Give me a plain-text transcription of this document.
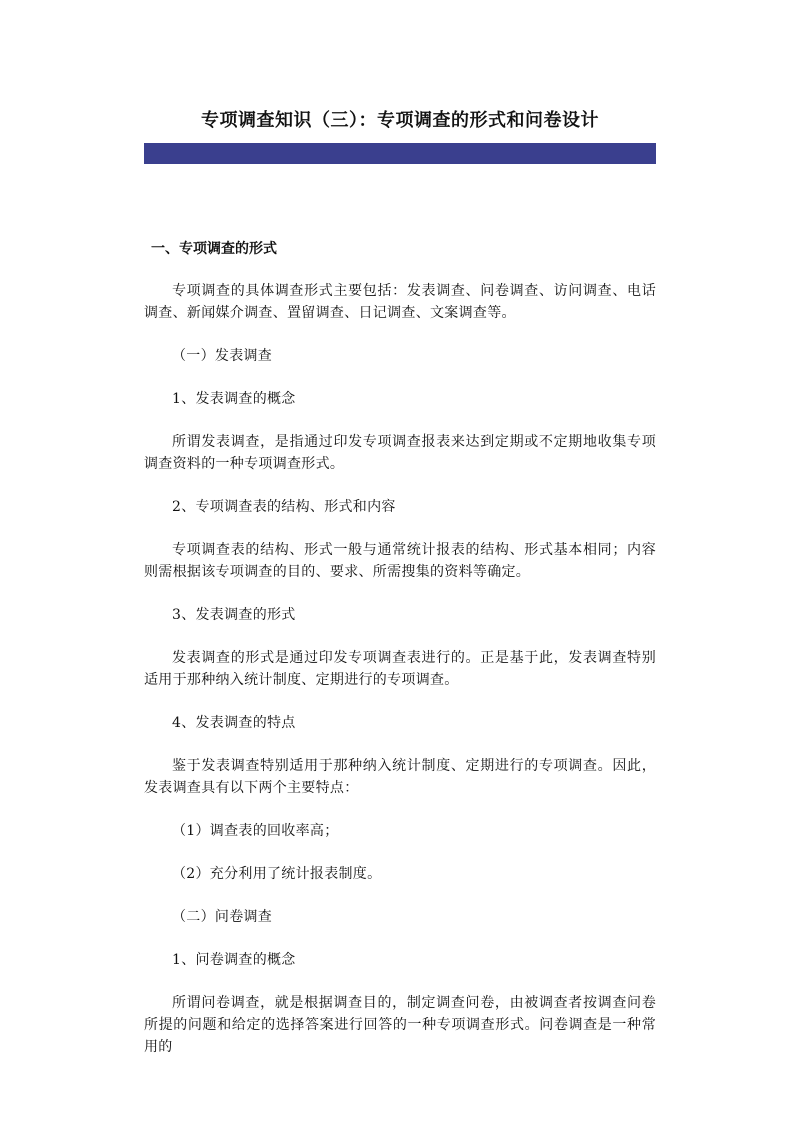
专项调查知识（三）：专项调查的形式和问卷设计
一、专项调查的形式
专项调查的具体调查形式主要包括：发表调查、问卷调查、访问调查、电话调查、新闻媒介调查、置留调查、日记调查、文案调查等。
（一）发表调查
1、发表调查的概念
所谓发表调查，是指通过印发专项调查报表来达到定期或不定期地收集专项调查资料的一种专项调查形式。
2、专项调查表的结构、形式和内容
专项调查表的结构、形式一般与通常统计报表的结构、形式基本相同；内容则需根据该专项调查的目的、要求、所需搜集的资料等确定。
3、发表调查的形式
发表调查的形式是通过印发专项调查表进行的。正是基于此，发表调查特别适用于那种纳入统计制度、定期进行的专项调查。
4、发表调查的特点
鉴于发表调查特别适用于那种纳入统计制度、定期进行的专项调查。因此，发表调查具有以下两个主要特点：
（1）调查表的回收率高；
（2）充分利用了统计报表制度。
（二）问卷调查
1、问卷调查的概念
所谓问卷调查，就是根据调查目的，制定调查问卷，由被调查者按调查问卷所提的问题和给定的选择答案进行回答的一种专项调查形式。问卷调查是一种常用的
